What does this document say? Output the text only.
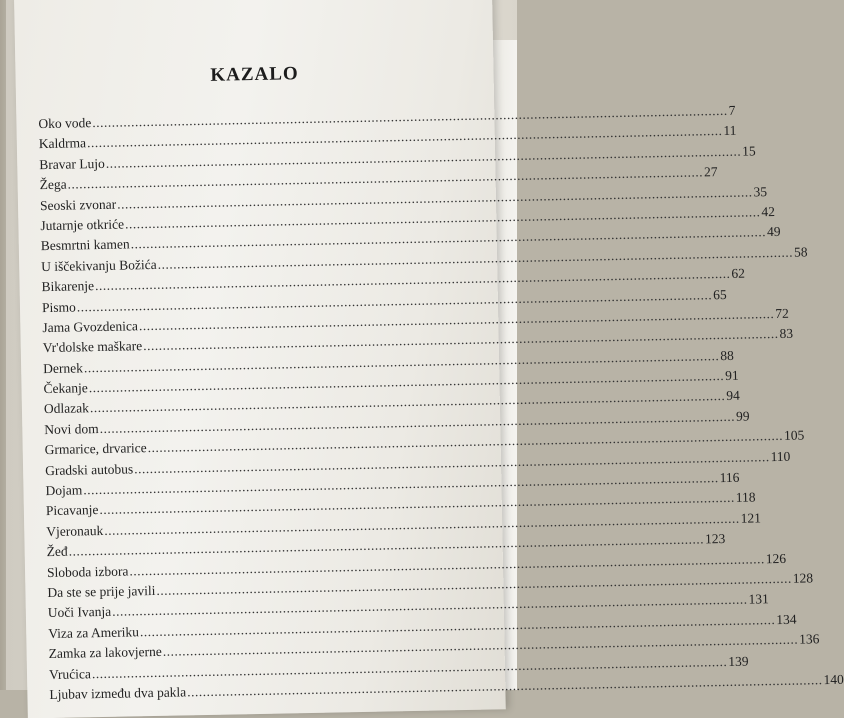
KAZALO
Oko vode
.....
7
Kaldrma
.....
11
Bravar Lujo
.....
15
Žega
.....
27
Seoski zvonar
.....
35
Jutarnje otkriće
.....
42
Besmrtni kamen
.....
49
U iščekivanju Božića
.....
58
Bikarenje
.....
62
Pismo
.....
65
Jama Gvozdenica
.....
72
Vr'dolske maškare
.....
83
Dernek
.....
88
Čekanje
.....
91
Odlazak
.....
94
Novi dom
.....
99
Grmarice, drvarice
.....
105
Gradski autobus
.....
110
Dojam
.....
116
Picavanje
.....
118
Vjeronauk
.....
121
Žeđ
.....
123
Sloboda izbora
.....
126
Da ste se prije javili
.....
128
Uoči Ivanja
.....
131
Viza za Ameriku
.....
134
Zamka za lakovjerne
.....
136
Vrućica
.....
139
Ljubav između dva pakla
.....
140
